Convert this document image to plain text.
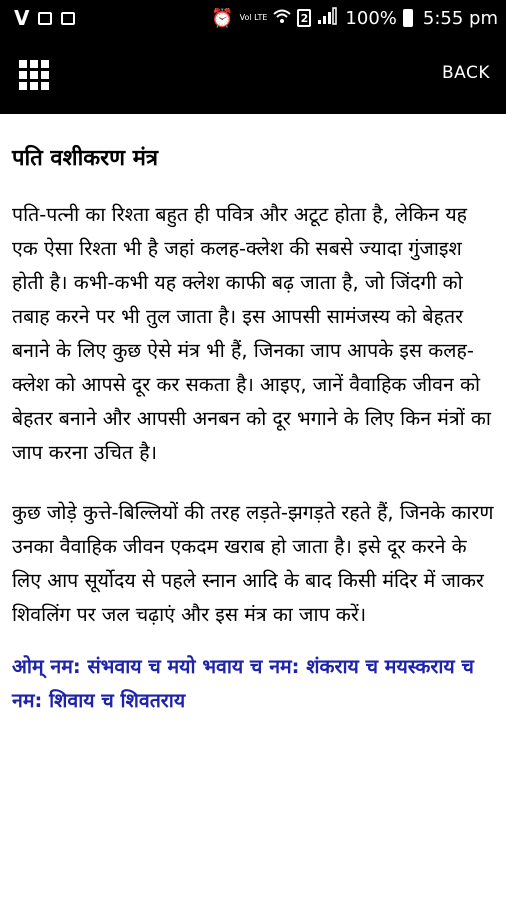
V	⏰ Vol LTE	2 100% 5:55 pm
BACK
पति वशीकरण मंत्र

पति-पत्नी का रिश्ता बहुत ही पवित्र और अटूट होता है, लेकिन यह एक ऐसा रिश्ता भी है जहां कलह-क्लेश की सबसे ज्यादा गुंजाइश होती है। कभी-कभी यह क्लेश काफी बढ़ जाता है, जो जिंदगी को तबाह करने पर भी तुल जाता है। इस आपसी सामंजस्य को बेहतर बनाने के लिए कुछ ऐसे मंत्र भी हैं, जिनका जाप आपके इस कलह-क्लेश को आपसे दूर कर सकता है। आइए, जानें वैवाहिक जीवन को बेहतर बनाने और आपसी अनबन को दूर भगाने के लिए किन मंत्रों का जाप करना उचित है।

कुछ जोड़े कुत्ते-बिल्लियों की तरह लड़ते-झगड़ते रहते हैं, जिनके कारण उनका वैवाहिक जीवन एकदम खराब हो जाता है। इसे दूर करने के लिए आप सूर्योदय से पहले स्नान आदि के बाद किसी मंदिर में जाकर शिवलिंग पर जल चढ़ाएं और इस मंत्र का जाप करें।

ओम् नम: संभवाय च मयो भवाय च नम: शंकराय च मयस्कराय च नम: शिवाय च शिवतराय
